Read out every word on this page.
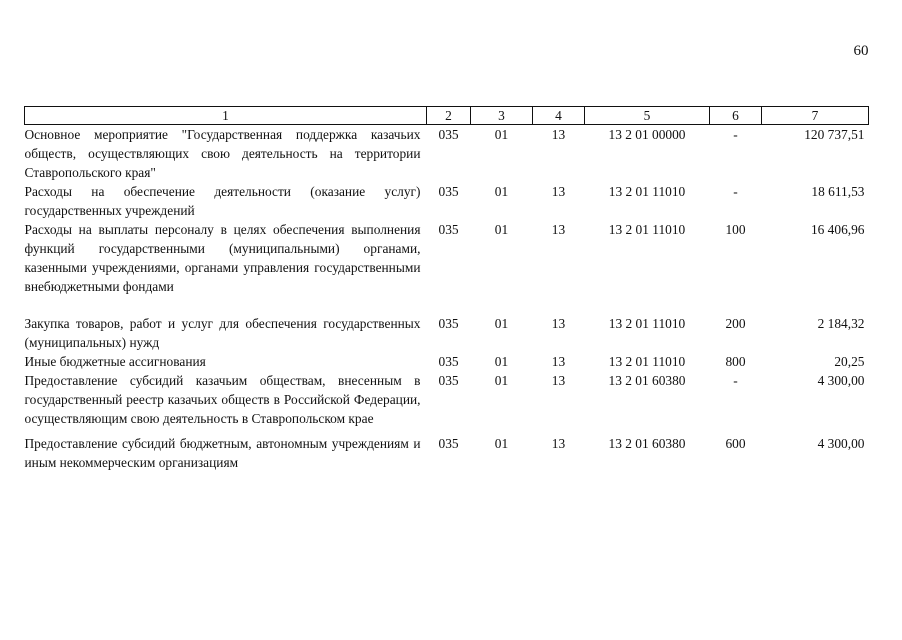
60
1	2	3	4	5	6	7
Основное мероприятие "Государственная поддержка казачьих обществ, осуществляющих свою деятельность на территории Ставропольского края"	035	01	13	13 2 01 00000	-	120 737,51
Расходы на обеспечение деятельности (оказание услуг) государственных учреждений	035	01	13	13 2 01 11010	-	18 611,53
Расходы на выплаты персоналу в целях обеспечения выполнения функций государственными (муниципальными) органами, казенными учреждениями, органами управления государственными внебюджетными фондами	035	01	13	13 2 01 11010	100	16 406,96

Закупка товаров, работ и услуг для обеспечения государственных (муниципальных) нужд	035	01	13	13 2 01 11010	200	2 184,32
Иные бюджетные ассигнования	035	01	13	13 2 01 11010	800	20,25
Предоставление субсидий казачьим обществам, внесенным в государственный реестр казачьих обществ в Российской Федерации, осуществляющим свою деятельность в Ставропольском крае	035	01	13	13 2 01 60380	-	4 300,00
Предоставление субсидий бюджетным, автономным учреждениям и иным некоммерческим организациям	035	01	13	13 2 01 60380	600	4 300,00
